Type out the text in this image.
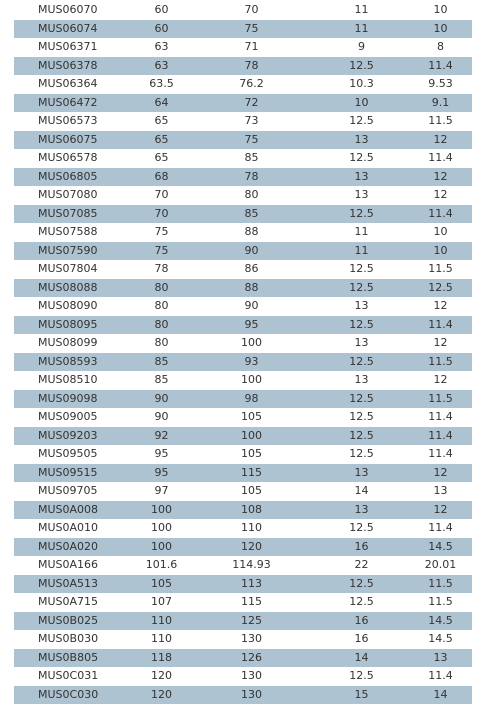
MUS06070	60	70	11	10
MUS06074	60	75	11	10
MUS06371	63	71	9	8
MUS06378	63	78	12.5	11.4
MUS06364	63.5	76.2	10.3	9.53
MUS06472	64	72	10	9.1
MUS06573	65	73	12.5	11.5
MUS06075	65	75	13	12
MUS06578	65	85	12.5	11.4
MUS06805	68	78	13	12
MUS07080	70	80	13	12
MUS07085	70	85	12.5	11.4
MUS07588	75	88	11	10
MUS07590	75	90	11	10
MUS07804	78	86	12.5	11.5
MUS08088	80	88	12.5	12.5
MUS08090	80	90	13	12
MUS08095	80	95	12.5	11.4
MUS08099	80	100	13	12
MUS08593	85	93	12.5	11.5
MUS08510	85	100	13	12
MUS09098	90	98	12.5	11.5
MUS09005	90	105	12.5	11.4
MUS09203	92	100	12.5	11.4
MUS09505	95	105	12.5	11.4
MUS09515	95	115	13	12
MUS09705	97	105	14	13
MUS0A008	100	108	13	12
MUS0A010	100	110	12.5	11.4
MUS0A020	100	120	16	14.5
MUS0A166	101.6	114.93	22	20.01
MUS0A513	105	113	12.5	11.5
MUS0A715	107	115	12.5	11.5
MUS0B025	110	125	16	14.5
MUS0B030	110	130	16	14.5
MUS0B805	118	126	14	13
MUS0C031	120	130	12.5	11.4
MUS0C030	120	130	15	14
